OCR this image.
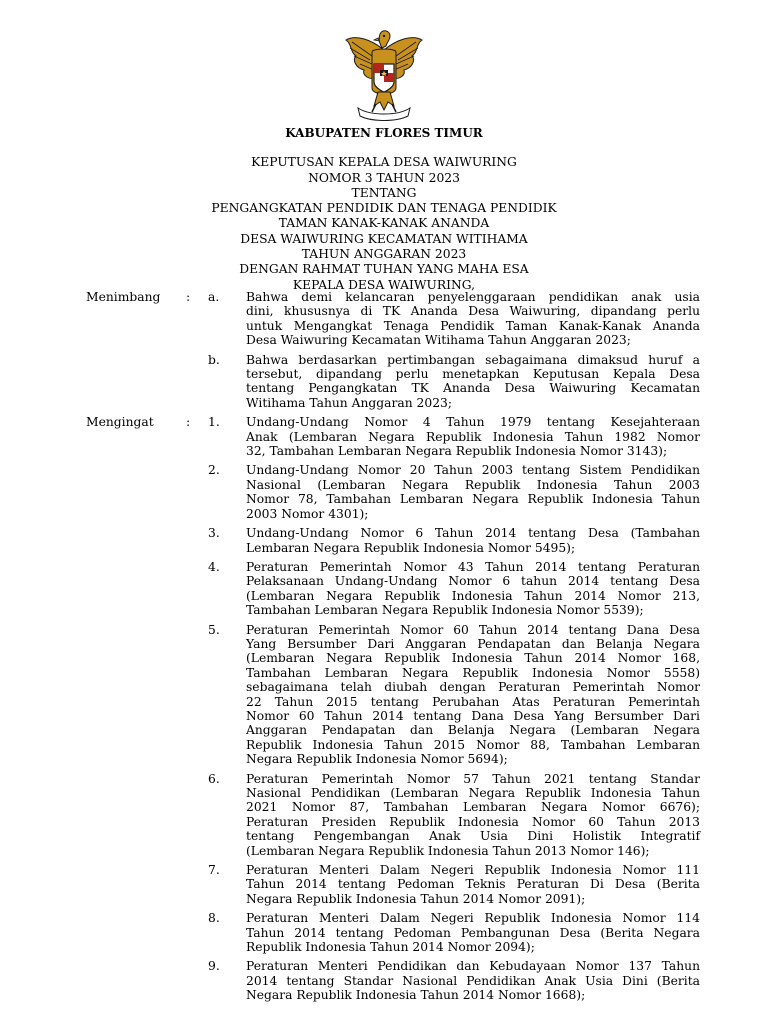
KABUPATEN FLORES TIMUR
KEPUTUSAN KEPALA DESA WAIWURING
NOMOR 3 TAHUN 2023
TENTANG
PENGANGKATAN PENDIDIK DAN TENAGA PENDIDIK
TAMAN KANAK-KANAK ANANDA
DESA WAIWURING KECAMATAN WITIHAMA
TAHUN ANGGARAN 2023
DENGAN RAHMAT TUHAN YANG MAHA ESA
KEPALA DESA WAIWURING,
Menimbang	: a.	Bahwa demi kelancaran penyelenggaraan pendidikan anak usia
dini, khususnya di TK Ananda Desa Waiwuring, dipandang perlu
untuk Mengangkat Tenaga Pendidik Taman Kanak-Kanak Ananda
Desa Waiwuring Kecamatan Witihama Tahun Anggaran 2023;
b.	Bahwa berdasarkan pertimbangan sebagaimana dimaksud huruf a
tersebut, dipandang perlu menetapkan Keputusan Kepala Desa
tentang Pengangkatan TK Ananda Desa Waiwuring Kecamatan
Witihama Tahun Anggaran 2023;
Mengingat	: 1.	Undang-Undang Nomor 4 Tahun 1979 tentang Kesejahteraan
Anak (Lembaran Negara Republik Indonesia Tahun 1982 Nomor
32, Tambahan Lembaran Negara Republik Indonesia Nomor 3143);
2.	Undang-Undang Nomor 20 Tahun 2003 tentang Sistem Pendidikan
Nasional (Lembaran Negara Republik Indonesia Tahun 2003
Nomor 78, Tambahan Lembaran Negara Republik Indonesia Tahun
2003 Nomor 4301);
3.	Undang-Undang Nomor 6 Tahun 2014 tentang Desa (Tambahan
Lembaran Negara Republik Indonesia Nomor 5495);
4.	Peraturan Pemerintah Nomor 43 Tahun 2014 tentang Peraturan
Pelaksanaan Undang-Undang Nomor 6 tahun 2014 tentang Desa
(Lembaran Negara Republik Indonesia Tahun 2014 Nomor 213,
Tambahan Lembaran Negara Republik Indonesia Nomor 5539);
5.	Peraturan Pemerintah Nomor 60 Tahun 2014 tentang Dana Desa
Yang Bersumber Dari Anggaran Pendapatan dan Belanja Negara
(Lembaran Negara Republik Indonesia Tahun 2014 Nomor 168,
Tambahan Lembaran Negara Republik Indonesia Nomor 5558)
sebagaimana telah diubah dengan Peraturan Pemerintah Nomor
22 Tahun 2015 tentang Perubahan Atas Peraturan Pemerintah
Nomor 60 Tahun 2014 tentang Dana Desa Yang Bersumber Dari
Anggaran Pendapatan dan Belanja Negara (Lembaran Negara
Republik Indonesia Tahun 2015 Nomor 88, Tambahan Lembaran
Negara Republik Indonesia Nomor 5694);
6.	Peraturan Pemerintah Nomor 57 Tahun 2021 tentang Standar
Nasional Pendidikan (Lembaran Negara Republik Indonesia Tahun
2021 Nomor 87, Tambahan Lembaran Negara Nomor 6676);
Peraturan Presiden Republik Indonesia Nomor 60 Tahun 2013
tentang Pengembangan Anak Usia Dini Holistik Integratif
(Lembaran Negara Republik Indonesia Tahun 2013 Nomor 146);
7.	Peraturan Menteri Dalam Negeri Republik Indonesia Nomor 111
Tahun 2014 tentang Pedoman Teknis Peraturan Di Desa (Berita
Negara Republik Indonesia Tahun 2014 Nomor 2091);
8.	Peraturan Menteri Dalam Negeri Republik Indonesia Nomor 114
Tahun 2014 tentang Pedoman Pembangunan Desa (Berita Negara
Republik Indonesia Tahun 2014 Nomor 2094);
9.	Peraturan Menteri Pendidikan dan Kebudayaan Nomor 137 Tahun
2014 tentang Standar Nasional Pendidikan Anak Usia Dini (Berita
Negara Republik Indonesia Tahun 2014 Nomor 1668);
